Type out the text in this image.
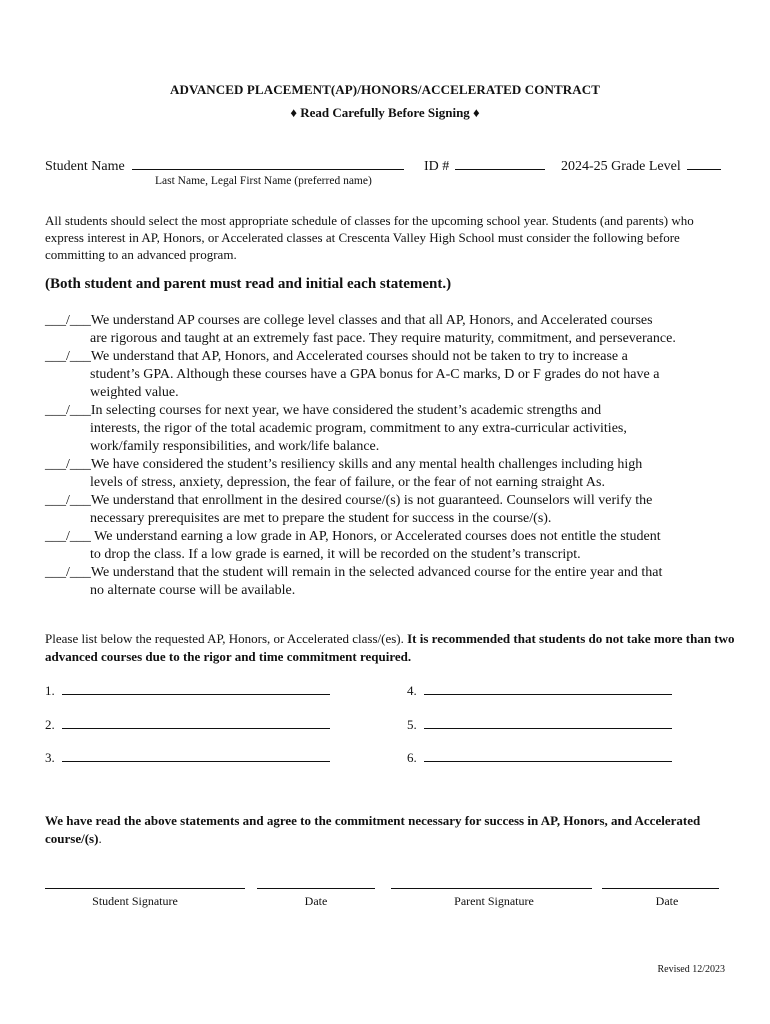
ADVANCED PLACEMENT(AP)/HONORS/ACCELERATED CONTRACT
♦ Read Carefully Before Signing ♦
Student Name	ID #	2024-25 Grade Level
Last Name, Legal First Name (preferred name)
All students should select the most appropriate schedule of classes for the upcoming school year. Students (and parents) who express interest in AP, Honors, or Accelerated classes at Crescenta Valley High School must consider the following before committing to an advanced program.
(Both student and parent must read and initial each statement.)
___/___We understand AP courses are college level classes and that all AP, Honors, and Accelerated courses
are rigorous and taught at an extremely fast pace. They require maturity, commitment, and perseverance.
___/___We understand that AP, Honors, and Accelerated courses should not be taken to try to increase a
student’s GPA. Although these courses have a GPA bonus for A-C marks, D or F grades do not have a
weighted value.
___/___In selecting courses for next year, we have considered the student’s academic strengths and
interests, the rigor of the total academic program, commitment to any extra-curricular activities,
work/family responsibilities, and work/life balance.
___/___We have considered the student’s resiliency skills and any mental health challenges including high
levels of stress, anxiety, depression, the fear of failure, or the fear of not earning straight As.
___/___We understand that enrollment in the desired course/(s) is not guaranteed. Counselors will verify the
necessary prerequisites are met to prepare the student for success in the course/(s).
___/___ We understand earning a low grade in AP, Honors, or Accelerated courses does not entitle the student
to drop the class. If a low grade is earned, it will be recorded on the student’s transcript.
___/___We understand that the student will remain in the selected advanced course for the entire year and that
no alternate course will be available.
Please list below the requested AP, Honors, or Accelerated class/(es). It is recommended that students do not take more than two advanced courses due to the rigor and time commitment required.
1.
2.
3.
4.
5.
6.
We have read the above statements and agree to the commitment necessary for success in AP, Honors, and Accelerated course/(s).
Student Signature	Date	Parent Signature	Date
Revised 12/2023
